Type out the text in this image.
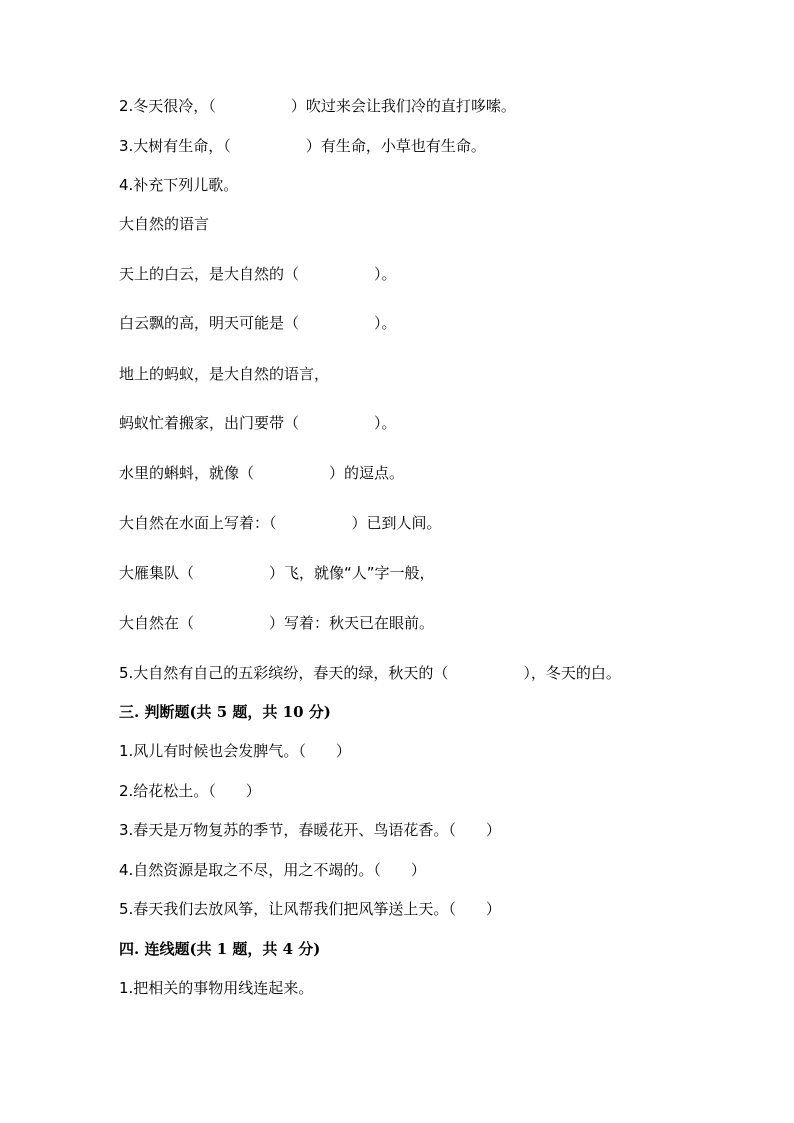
2.冬天很冷，（　　　　　）吹过来会让我们冷的直打哆嗦。
3.大树有生命，（　　　　　）有生命，小草也有生命。
4.补充下列儿歌。
大自然的语言
天上的白云，是大自然的（　　　　　）。
白云飘的高，明天可能是（　　　　　）。
地上的蚂蚁，是大自然的语言，
蚂蚁忙着搬家，出门要带（　　　　　）。
水里的蝌蚪，就像（　　　　　）的逗点。
大自然在水面上写着：（　　　　　）已到人间。
大雁集队（　　　　　）飞，就像“人”字一般，
大自然在（　　　　　）写着：秋天已在眼前。
5.大自然有自己的五彩缤纷，春天的绿，秋天的（　　　　　），冬天的白。
三. 判断题(共 5 题，共 10 分)
1.风儿有时候也会发脾气。（　　）
2.给花松土。（　　）
3.春天是万物复苏的季节，春暖花开、鸟语花香。（　　）
4.自然资源是取之不尽，用之不竭的。（　　）
5.春天我们去放风筝，让风帮我们把风筝送上天。（　　）
四. 连线题(共 1 题，共 4 分)
1.把相关的事物用线连起来。
